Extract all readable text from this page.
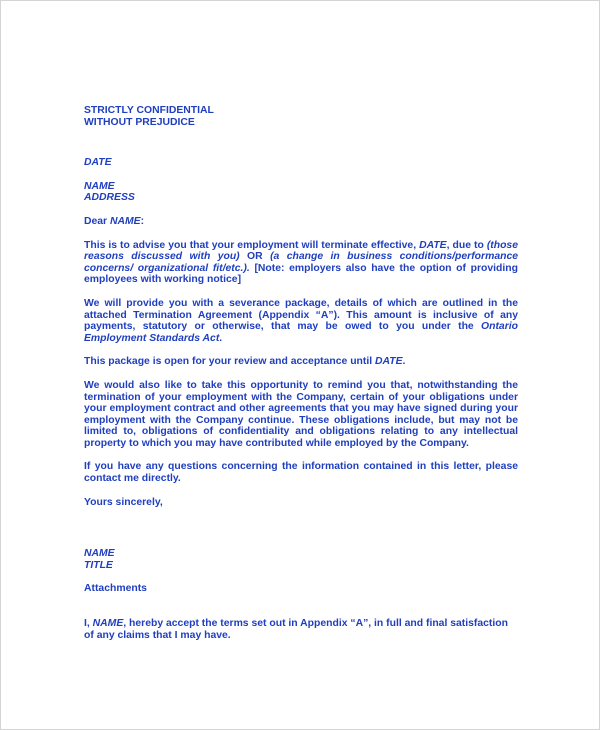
STRICTLY CONFIDENTIAL

WITHOUT PREJUDICE

DATE

NAME

ADDRESS

Dear NAME:

This is to advise you that your employment will terminate effective, DATE, due to (those reasons discussed with you) OR (a change in business conditions/performance concerns/ organizational fit/etc.). [Note: employers also have the option of providing employees with working notice]

We will provide you with a severance package, details of which are outlined in the attached Termination Agreement (Appendix “A”). This amount is inclusive of any payments, statutory or otherwise, that may be owed to you under the Ontario Employment Standards Act.

This package is open for your review and acceptance until DATE.

We would also like to take this opportunity to remind you that, notwithstanding the termination of your employment with the Company, certain of your obligations under your employment contract and other agreements that you may have signed during your employment with the Company continue. These obligations include, but may not be limited to, obligations of confidentiality and obligations relating to any intellectual property to which you may have contributed while employed by the Company.

If you have any questions concerning the information contained in this letter, please contact me directly.

Yours sincerely,

NAME

TITLE

Attachments

I, NAME, hereby accept the terms set out in Appendix “A”, in full and final satisfaction of any claims that I may have.
